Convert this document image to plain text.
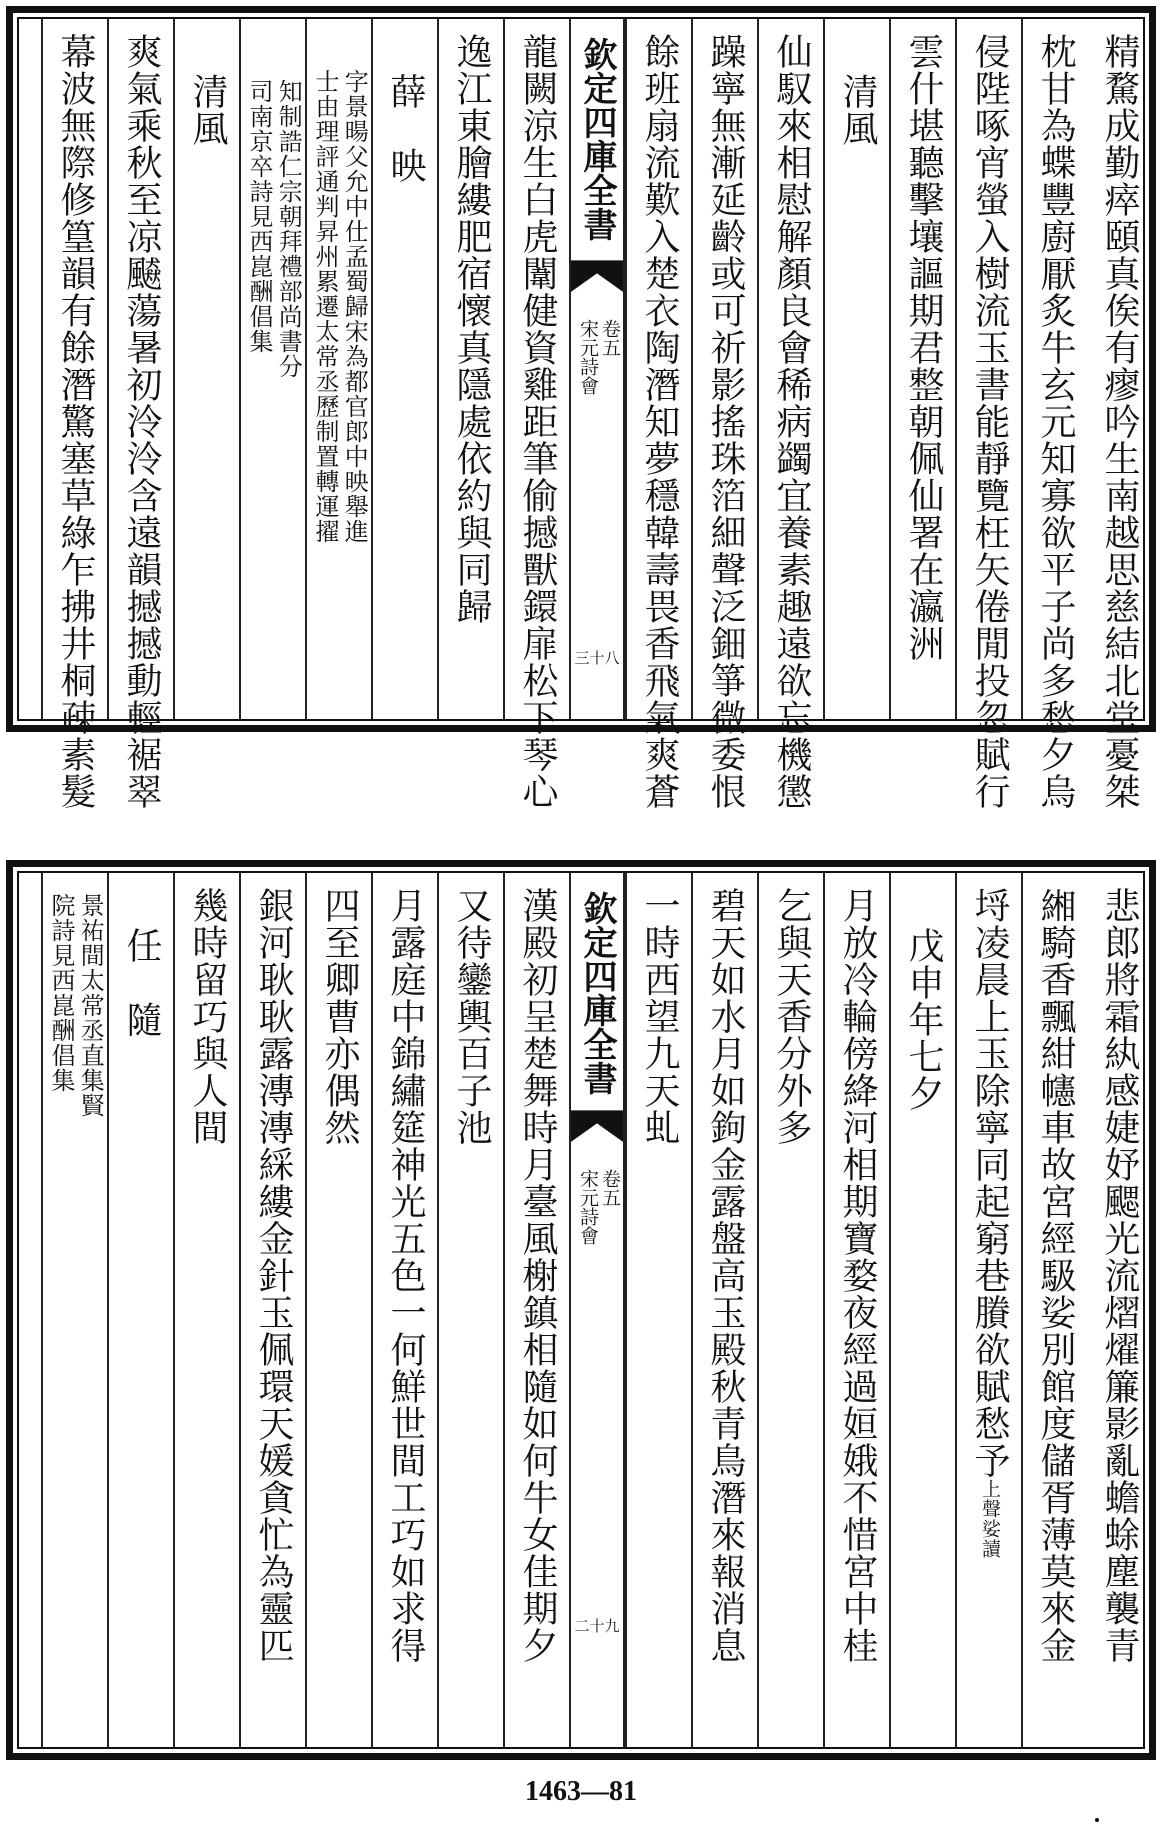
精騖成勤瘁頤真俟有瘳吟生南越思慈結北堂憂桀
枕甘為蝶豐廚厭炙牛玄元知寡欲平子尚多愁夕烏
侵陛啄宵螢入樹流玉書能靜覽枉矢倦閒投忽賦行
雲什堪聽擊壤謳期君整朝佩仙署在瀛洲
清風
仙馭來相慰解顏良會稀病蠲宜養素趣遠欲忘機懲
躁寧無漸延齡或可祈影搖珠箔細聲泛鈿箏微委恨
餘班扇流歎入楚衣陶潛知夢穩韓壽畏香飛氣爽蒼
欽定四庫全書
宋元詩會 卷五
三十八
龍闕涼生白虎闈健資雞距筆偷撼獸鐶扉松下琴心
逸江東膾縷肥宿懷真隱處依約與同歸
薛　映
字景暘父允中仕孟蜀歸宋為都官郎中映舉進
士由理評通判昇州累遷太常丞歷制置轉運擢
知制誥仁宗朝拜禮部尚書分
司南京卒詩見西崑酬倡集
清風
爽氣乘秋至凉飇蕩暑初泠泠含遠韻撼撼動輕裾翠
幕波無際修篁韻有餘潛驚塞草綠乍拂井桐疎素髮
悲郎將霜紈感婕妤颸光流熠燿簾影亂蟾蜍塵襲青
緗騎香飄紺幰車故宮經馺娑別館度儲胥薄莫來金
埒凌晨上玉除寧同起窮巷賸欲賦愁予
娑讀
上聲
戊申年七夕
月放冷輪傍絳河相期寶婺夜經過姮娥不惜宮中桂
乞與天香分外多
碧天如水月如鉤金露盤高玉殿秋青鳥潛來報消息
一時西望九天虬
欽定四庫全書
宋元詩會 卷五
二十九
漢殿初呈楚舞時月臺風榭鎮相隨如何牛女佳期夕
又待鑾輿百子池
月露庭中錦繡筵神光五色一何鮮世間工巧如求得
四至卿曹亦偶然
銀河耿耿露漙漙綵縷金針玉佩環天媛貪忙為靈匹
幾時留巧與人間
任　隨
景祐間太常丞直集賢
院詩見西崑酬倡集
1463—81
